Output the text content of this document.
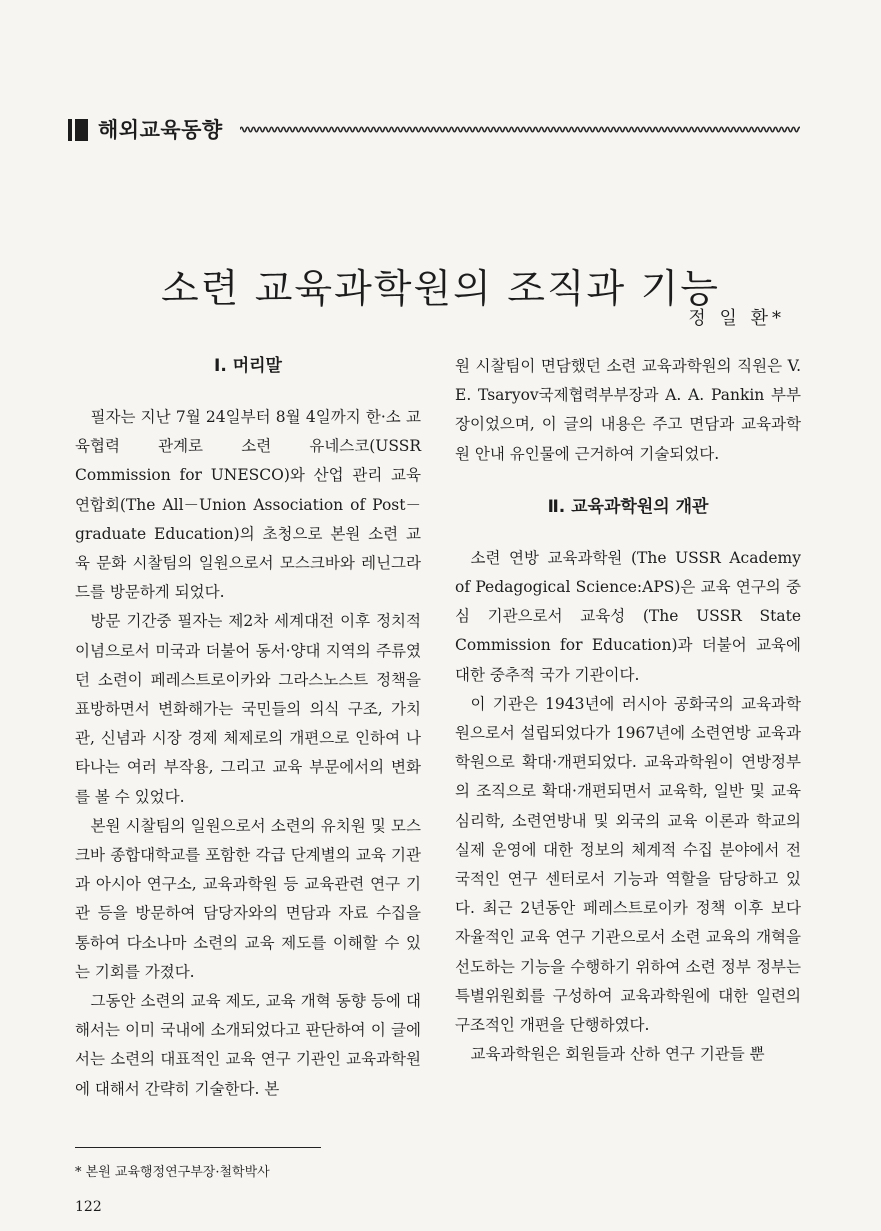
해외교육동향
소련 교육과학원의 조직과 기능
정 일 환*
Ⅰ. 머리말

필자는 지난 7월 24일부터 8월 4일까지 한·소 교육협력 관계로 소련 유네스코(USSR Commission for UNESCO)와 산업 관리 교육 연합회(The All－Union Association of Post－graduate Education)의 초청으로 본원 소련 교육 문화 시찰팀의 일원으로서 모스크바와 레닌그라드를 방문하게 되었다.

방문 기간중 필자는 제2차 세계대전 이후 정치적 이념으로서 미국과 더불어 동서·양대 지역의 주류였던 소련이 페레스트로이카와 그라스노스트 정책을 표방하면서 변화해가는 국민들의 의식 구조, 가치관, 신념과 시장 경제 체제로의 개편으로 인하여 나타나는 여러 부작용, 그리고 교육 부문에서의 변화를 볼 수 있었다.

본원 시찰팀의 일원으로서 소련의 유치원 및 모스크바 종합대학교를 포함한 각급 단계별의 교육 기관과 아시아 연구소, 교육과학원 등 교육관련 연구 기관 등을 방문하여 담당자와의 면담과 자료 수집을 통하여 다소나마 소련의 교육 제도를 이해할 수 있는 기회를 가졌다.

그동안 소련의 교육 제도, 교육 개혁 동향 등에 대해서는 이미 국내에 소개되었다고 판단하여 이 글에서는 소련의 대표적인 교육 연구 기관인 교육과학원에 대해서 간략히 기술한다. 본

원 시찰팀이 면담했던 소련 교육과학원의 직원은 V. E. Tsaryov국제협력부부장과 A. A. Pankin 부부장이었으며, 이 글의 내용은 주고 면담과 교육과학원 안내 유인물에 근거하여 기술되었다.

Ⅱ. 교육과학원의 개관

소련 연방 교육과학원 (The USSR Academy of Pedagogical Science:APS)은 교육 연구의 중심 기관으로서 교육성 (The USSR State Commission for Education)과 더불어 교육에 대한 중추적 국가 기관이다.

이 기관은 1943년에 러시아 공화국의 교육과학원으로서 설립되었다가 1967년에 소련연방 교육과학원으로 확대·개편되었다. 교육과학원이 연방정부의 조직으로 확대·개편되면서 교육학, 일반 및 교육심리학, 소련연방내 및 외국의 교육 이론과 학교의 실제 운영에 대한 정보의 체계적 수집 분야에서 전국적인 연구 센터로서 기능과 역할을 담당하고 있다. 최근 2년동안 페레스트로이카 정책 이후 보다 자율적인 교육 연구 기관으로서 소련 교육의 개혁을 선도하는 기능을 수행하기 위하여 소련 정부 정부는 특별위원회를 구성하여 교육과학원에 대한 일련의 구조적인 개편을 단행하였다.

교육과학원은 회원들과 산하 연구 기관들 뿐

* 본원 교육행정연구부장·철학박사
122
